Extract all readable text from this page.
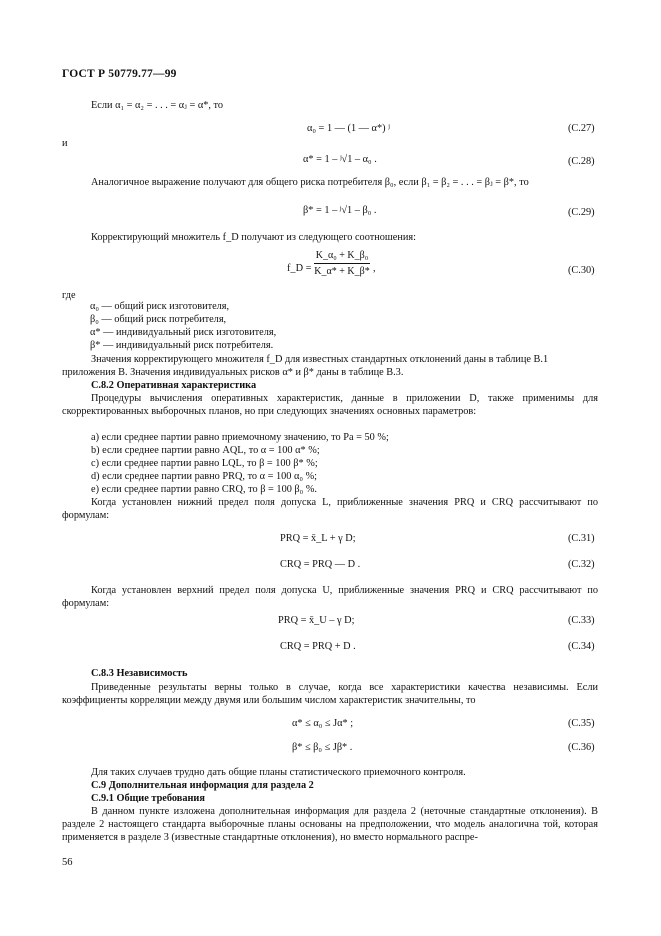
ГОСТ Р 50779.77—99
Если α₁ = α₂ = . . . = αⱼ = α*, то
α₀ = 1 — (1 — α*) ʲ	(С.27)
и
α* = 1 – ʲ√1 – α₀ .	(С.28)
Аналогичное выражение получают для общего риска потребителя β₀, если β₁ = β₂ = . . . = βⱼ = β*, то
β* = 1 – ʲ√1 – β₀ .	(С.29)
Корректирующий множитель f_D получают из следующего соотношения:
f_D =
K_α₀ + K_β₀
K_α* + K_β* ,	(С.30)
где
α₀ — общий риск изготовителя,
β₀ — общий риск потребителя,
α* — индивидуальный риск изготовителя,
β* — индивидуальный риск потребителя.
Значения корректирующего множителя f_D для известных стандартных отклонений даны в таблице В.1
приложения В. Значения индивидуальных рисков α* и β* даны в таблице В.3.
С.8.2 Оперативная характеристика
Процедуры вычисления оперативных характеристик, данные в приложении D, также применимы для скорректированных выборочных планов, но при следующих значениях основных параметров:
а) если среднее партии равно приемочному значению, то Pa = 50 %;
b) если среднее партии равно AQL, то α = 100 α* %;
c) если среднее партии равно LQL, то β = 100 β* %;
d) если среднее партии равно PRQ, то α = 100 α₀ %;
e) если среднее партии равно CRQ, то β = 100 β₀ %.
Когда установлен нижний предел поля допуска L, приближенные значения PRQ и CRQ рассчитывают по формулам:
PRQ = x̄_L + γ D;	(С.31)
CRQ = PRQ — D .	(С.32)
Когда установлен верхний предел поля допуска U, приближенные значения PRQ и CRQ рассчитывают по формулам:
PRQ = x̄_U – γ D;	(С.33)
CRQ = PRQ + D .	(С.34)
С.8.3 Независимость
Приведенные результаты верны только в случае, когда все характеристики качества независимы. Если коэффициенты корреляции между двумя или большим числом характеристик значительны, то
α* ≤ α₀ ≤ Jα* ;	(С.35)
β* ≤ β₀ ≤ Jβ* .	(С.36)
Для таких случаев трудно дать общие планы статистического приемочного контроля.
С.9 Дополнительная информация для раздела 2
С.9.1 Общие требования
В данном пункте изложена дополнительная информация для раздела 2 (неточные стандартные отклонения). В разделе 2 настоящего стандарта выборочные планы основаны на предположении, что модель аналогична той, которая применяется в разделе 3 (известные стандартные отклонения), но вместо нормального распре-
56
